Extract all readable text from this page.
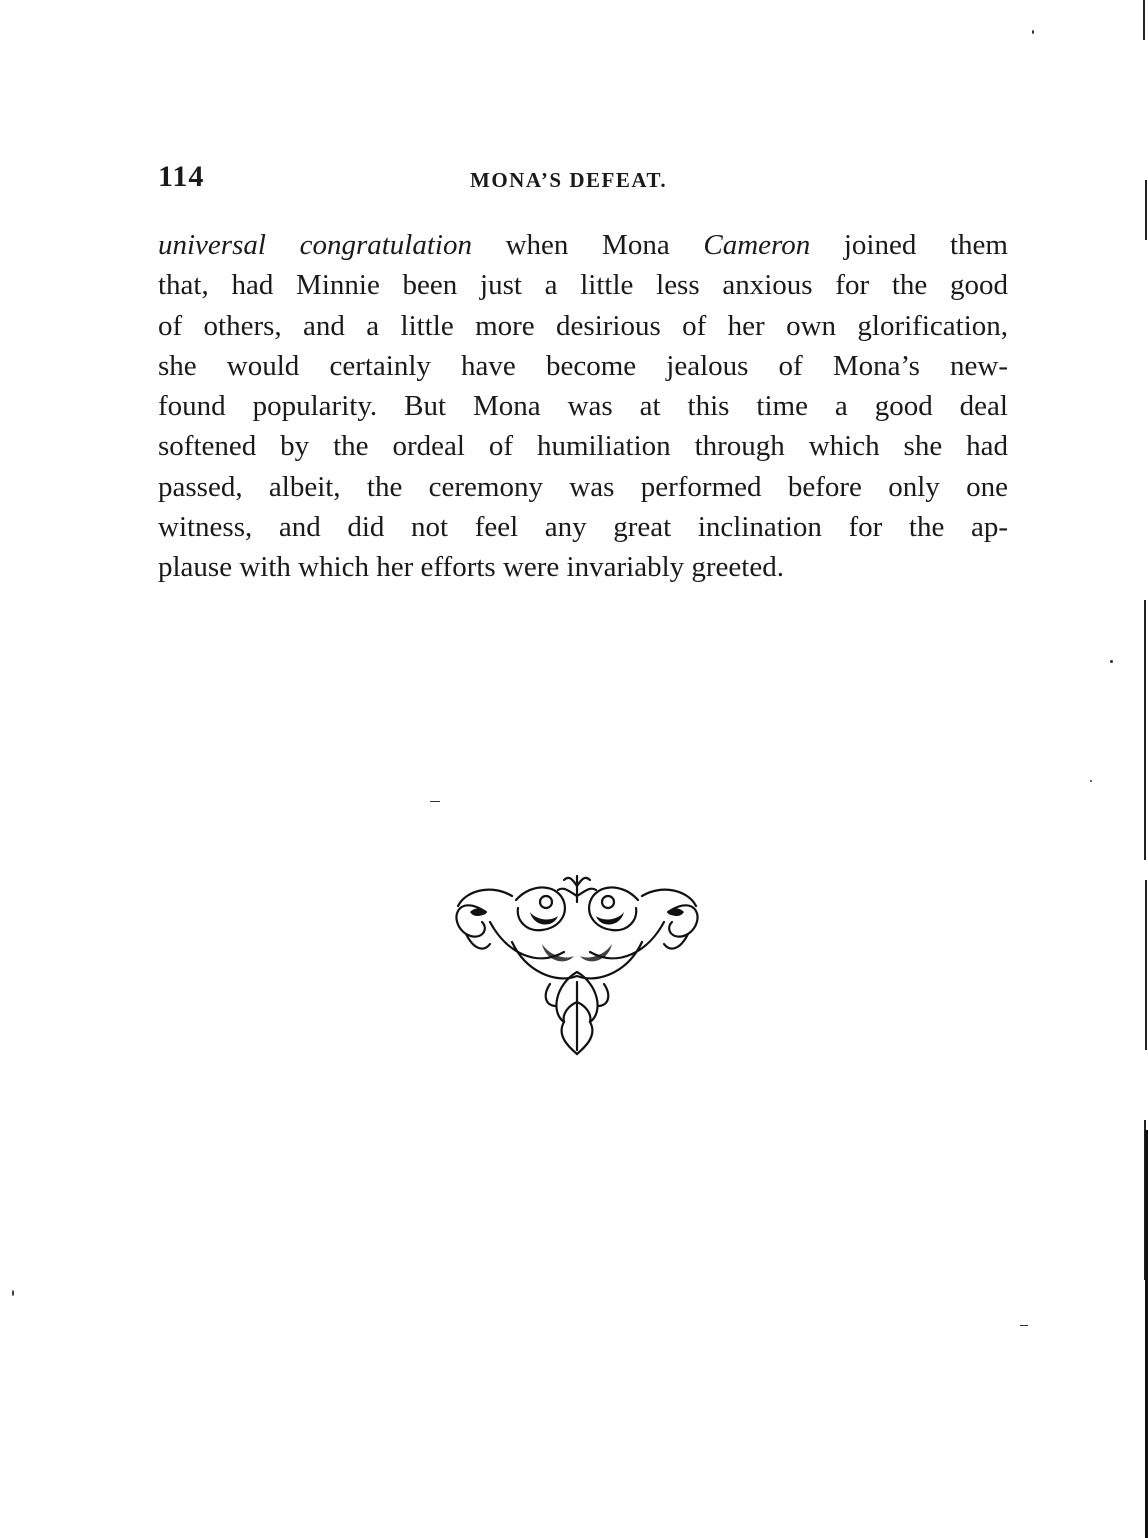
114	MONA’S DEFEAT.
universal congratulation when Mona Cameron joined them
that, had Minnie been just a little less anxious for the good
of others, and a little more desirious of her own glorification,
she would certainly have become jealous of Mona’s new-
found popularity. But Mona was at this time a good deal
softened by the ordeal of humiliation through which she had
passed, albeit, the ceremony was performed before only one
witness, and did not feel any great inclination for the ap-
plause with which her efforts were invariably greeted.
